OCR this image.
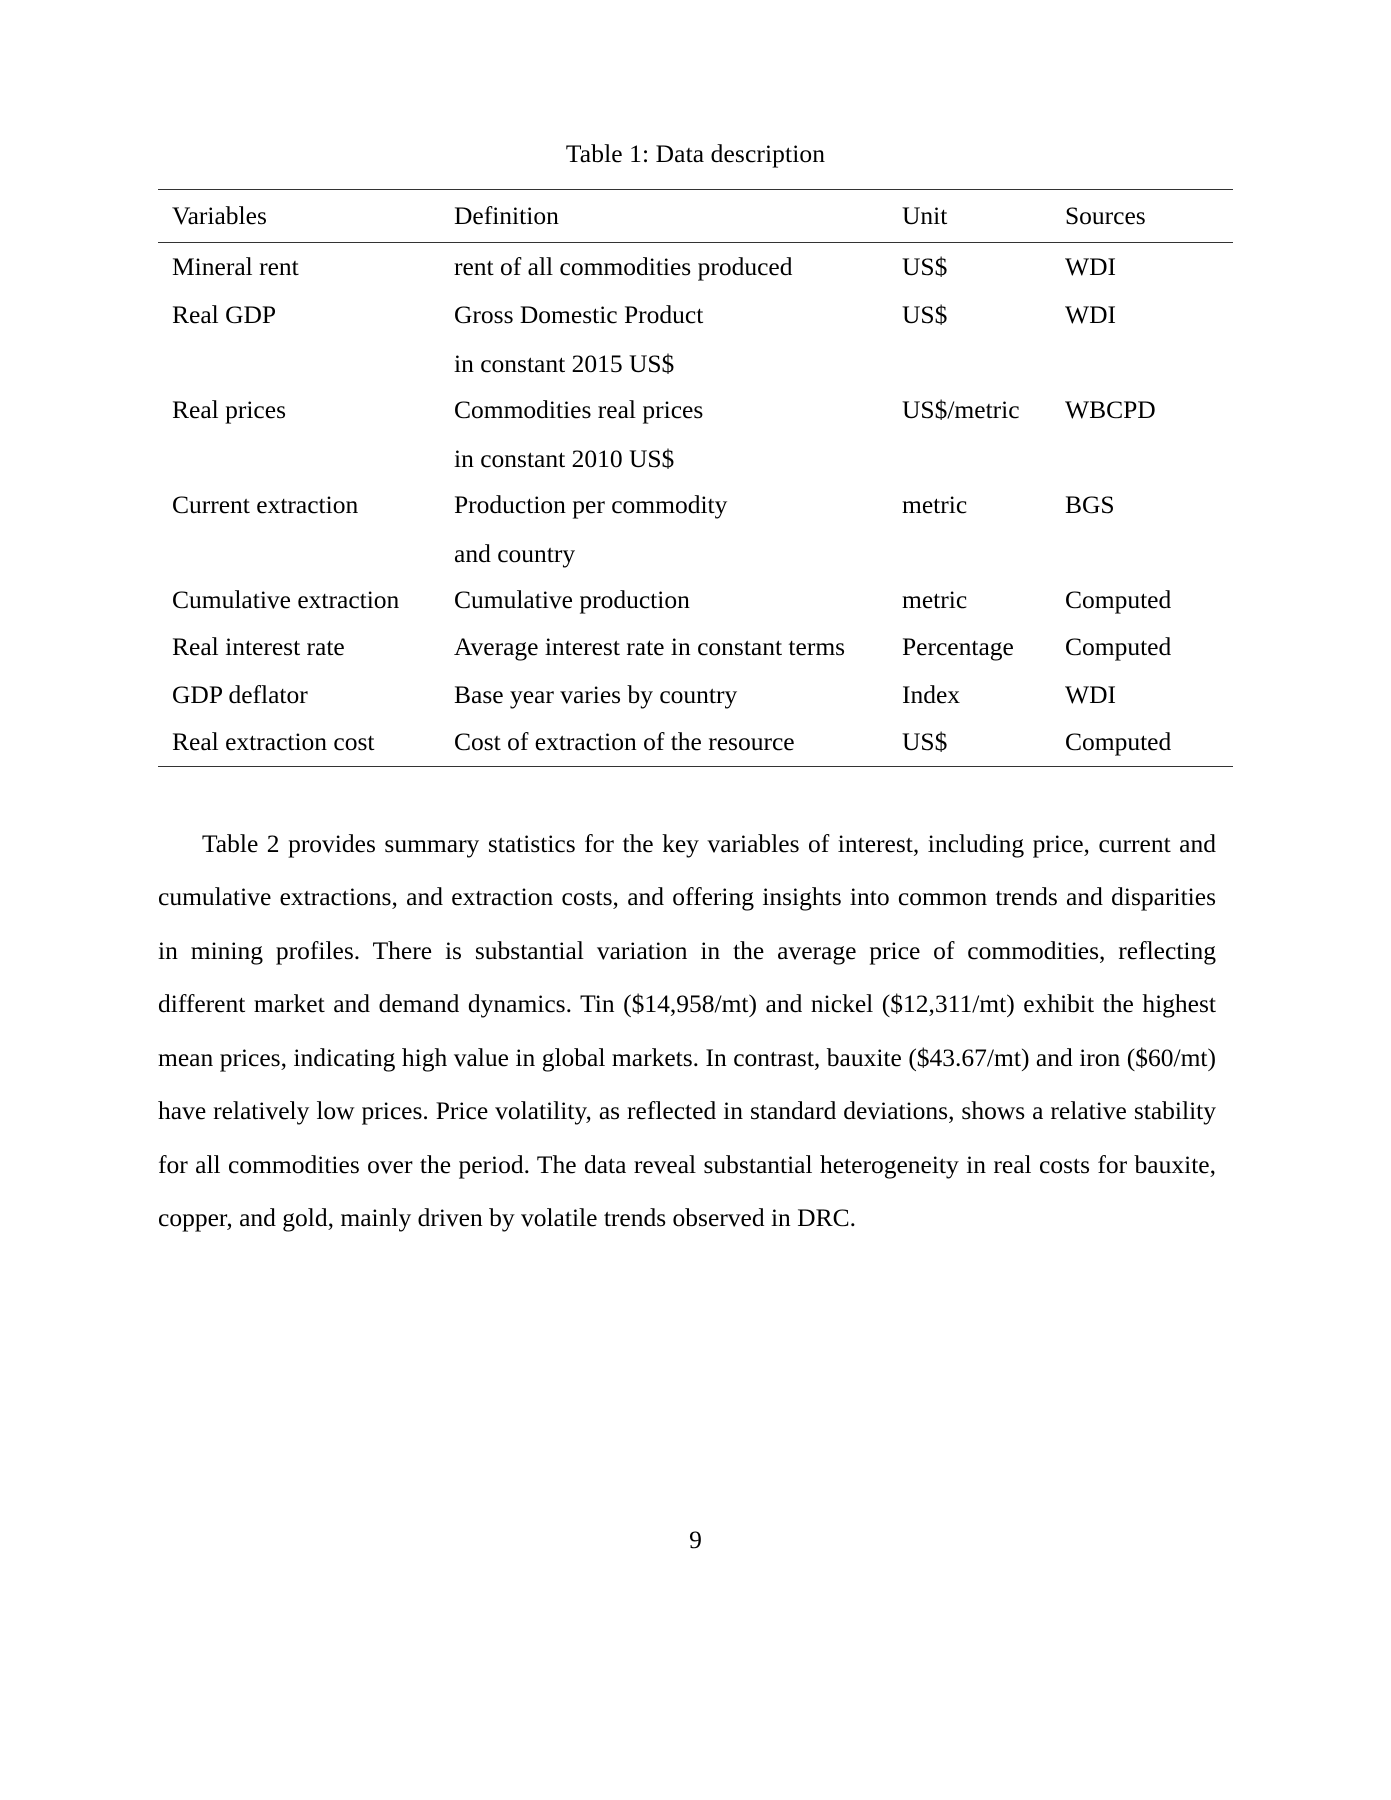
Table 1: Data description
Variables	Definition	Unit	Sources
Mineral rent	rent of all commodities produced	US$	WDI
Real GDP	Gross Domestic Product	US$	WDI
	in constant 2015 US$		
Real prices	Commodities real prices	US$/metric	WBCPD
	in constant 2010 US$		
Current extraction	Production per commodity	metric	BGS
	and country		
Cumulative extraction	Cumulative production	metric	Computed
Real interest rate	Average interest rate in constant terms	Percentage	Computed
GDP deflator	Base year varies by country	Index	WDI
Real extraction cost	Cost of extraction of the resource	US$	Computed

Table 2 provides summary statistics for the key variables of interest, including price, current and cumulative extractions, and extraction costs, and offering insights into common trends and disparities in mining profiles. There is substantial variation in the average price of commodities, reflecting different market and demand dynamics. Tin ($14,958/mt) and nickel ($12,311/mt) exhibit the highest mean prices, indicating high value in global markets. In contrast, bauxite ($43.67/mt) and iron ($60/mt) have relatively low prices. Price volatility, as reflected in standard deviations, shows a relative stability for all commodities over the period. The data reveal substantial heterogeneity in real costs for bauxite, copper, and gold, mainly driven by volatile trends observed in DRC.

9
